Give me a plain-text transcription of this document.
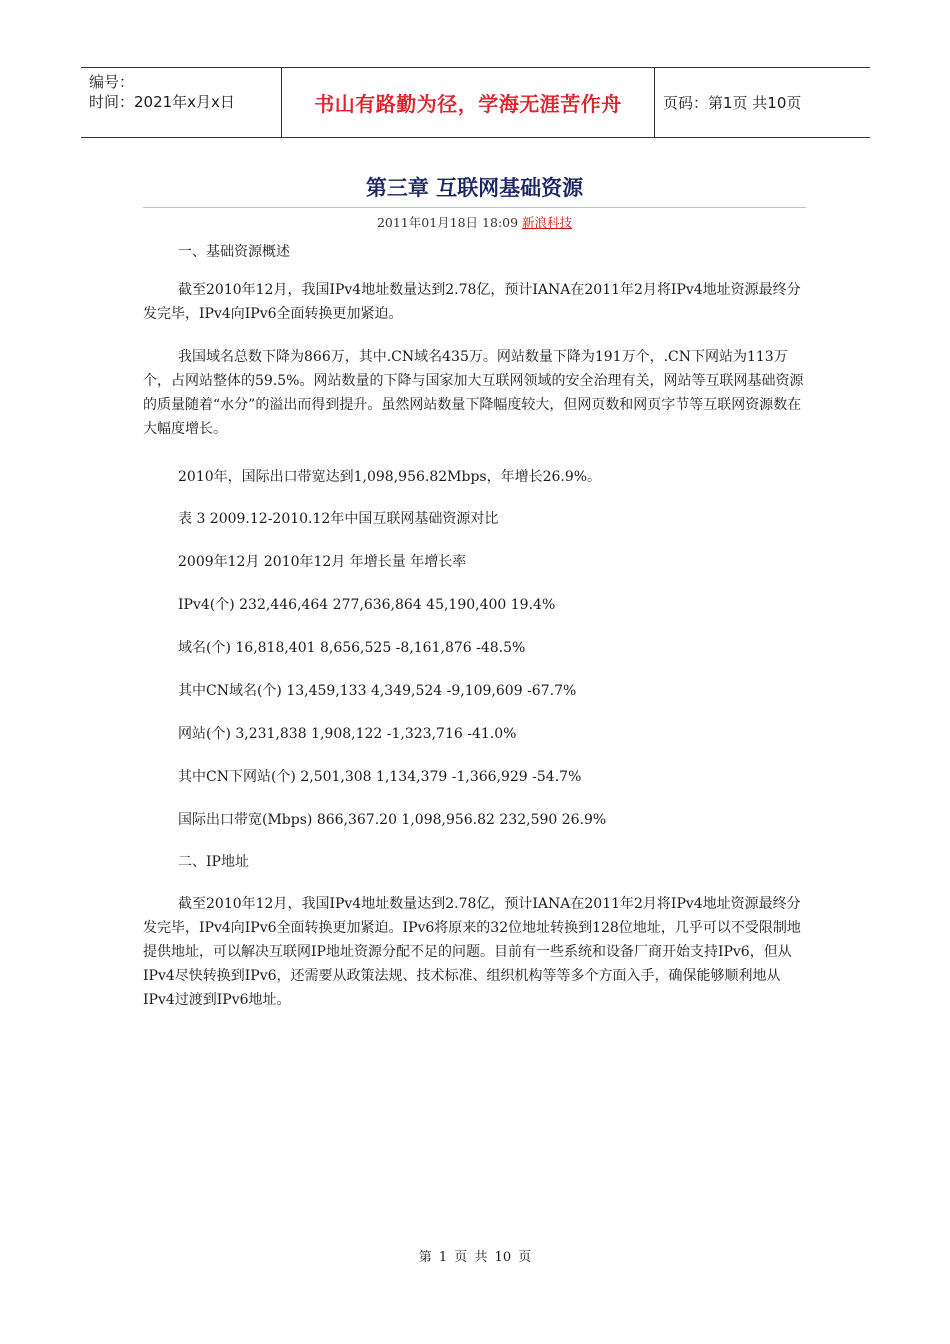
编号：
时间：2021年x月x日	书山有路勤为径，学海无涯苦作舟	页码：第1页 共10页
第三章 互联网基础资源
2011年01月18日 18:09 新浪科技
一、基础资源概述

截至2010年12月，我国IPv4地址数量达到2.78亿，预计IANA在2011年2月将IPv4地址资源最终分发完毕，IPv4向IPv6全面转换更加紧迫。

我国域名总数下降为866万，其中.CN域名435万。网站数量下降为191万个，.CN下网站为113万个，占网站整体的59.5%。网站数量的下降与国家加大互联网领域的安全治理有关，网站等互联网基础资源的质量随着“水分”的溢出而得到提升。虽然网站数量下降幅度较大，但网页数和网页字节等互联网资源数在大幅度增长。

2010年，国际出口带宽达到1,098,956.82Mbps，年增长26.9%。
表 3 2009.12-2010.12年中国互联网基础资源对比
2009年12月 2010年12月 年增长量 年增长率
IPv4(个) 232,446,464 277,636,864 45,190,400 19.4%
域名(个) 16,818,401 8,656,525 -8,161,876 -48.5%
其中CN域名(个) 13,459,133 4,349,524 -9,109,609 -67.7%
网站(个) 3,231,838 1,908,122 -1,323,716 -41.0%
其中CN下网站(个) 2,501,308 1,134,379 -1,366,929 -54.7%
国际出口带宽(Mbps) 866,367.20 1,098,956.82 232,590 26.9%
二、IP地址

截至2010年12月，我国IPv4地址数量达到2.78亿，预计IANA在2011年2月将IPv4地址资源最终分发完毕，IPv4向IPv6全面转换更加紧迫。IPv6将原来的32位地址转换到128位地址，几乎可以不受限制地提供地址，可以解决互联网IP地址资源分配不足的问题。目前有一些系统和设备厂商开始支持IPv6，但从IPv4尽快转换到IPv6，还需要从政策法规、技术标准、组织机构等等多个方面入手，确保能够顺利地从IPv4过渡到IPv6地址。

第 1 页 共 10 页
